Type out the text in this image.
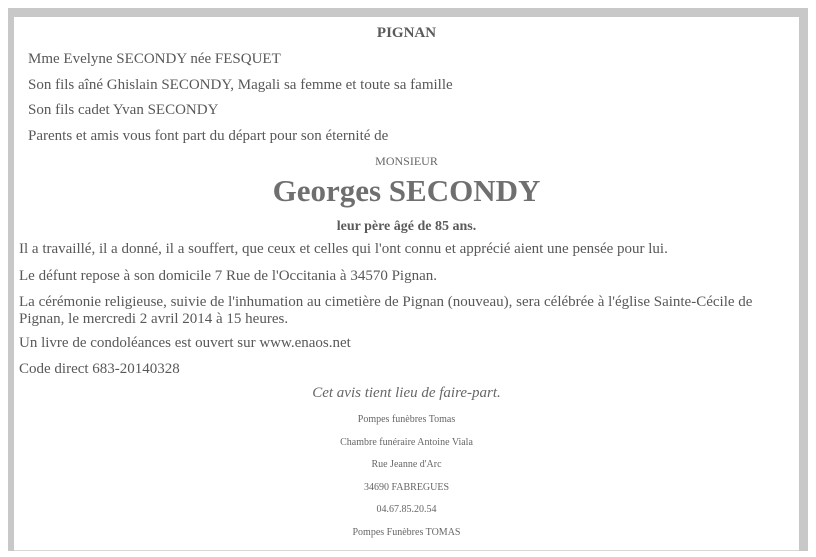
PIGNAN

Mme Evelyne SECONDY née FESQUET

Son fils aîné Ghislain SECONDY, Magali sa femme et toute sa famille

Son fils cadet Yvan SECONDY

Parents et amis vous font part du départ pour son éternité de

MONSIEUR

Georges SECONDY

leur père âgé de 85 ans.

Il a travaillé, il a donné, il a souffert, que ceux et celles qui l'ont connu et apprécié aient une pensée pour lui.

Le défunt repose à son domicile 7 Rue de l'Occitania à 34570 Pignan.

La cérémonie religieuse, suivie de l'inhumation au cimetière de Pignan (nouveau), sera célébrée à l'église Sainte-Cécile de Pignan, le mercredi 2 avril 2014 à 15 heures.

Un livre de condoléances est ouvert sur www.enaos.net

Code direct 683-20140328

Cet avis tient lieu de faire-part.

Pompes funèbres Tomas

Chambre funéraire Antoine Viala

Rue Jeanne d'Arc

34690 FABREGUES

04.67.85.20.54

Pompes Funèbres TOMAS
